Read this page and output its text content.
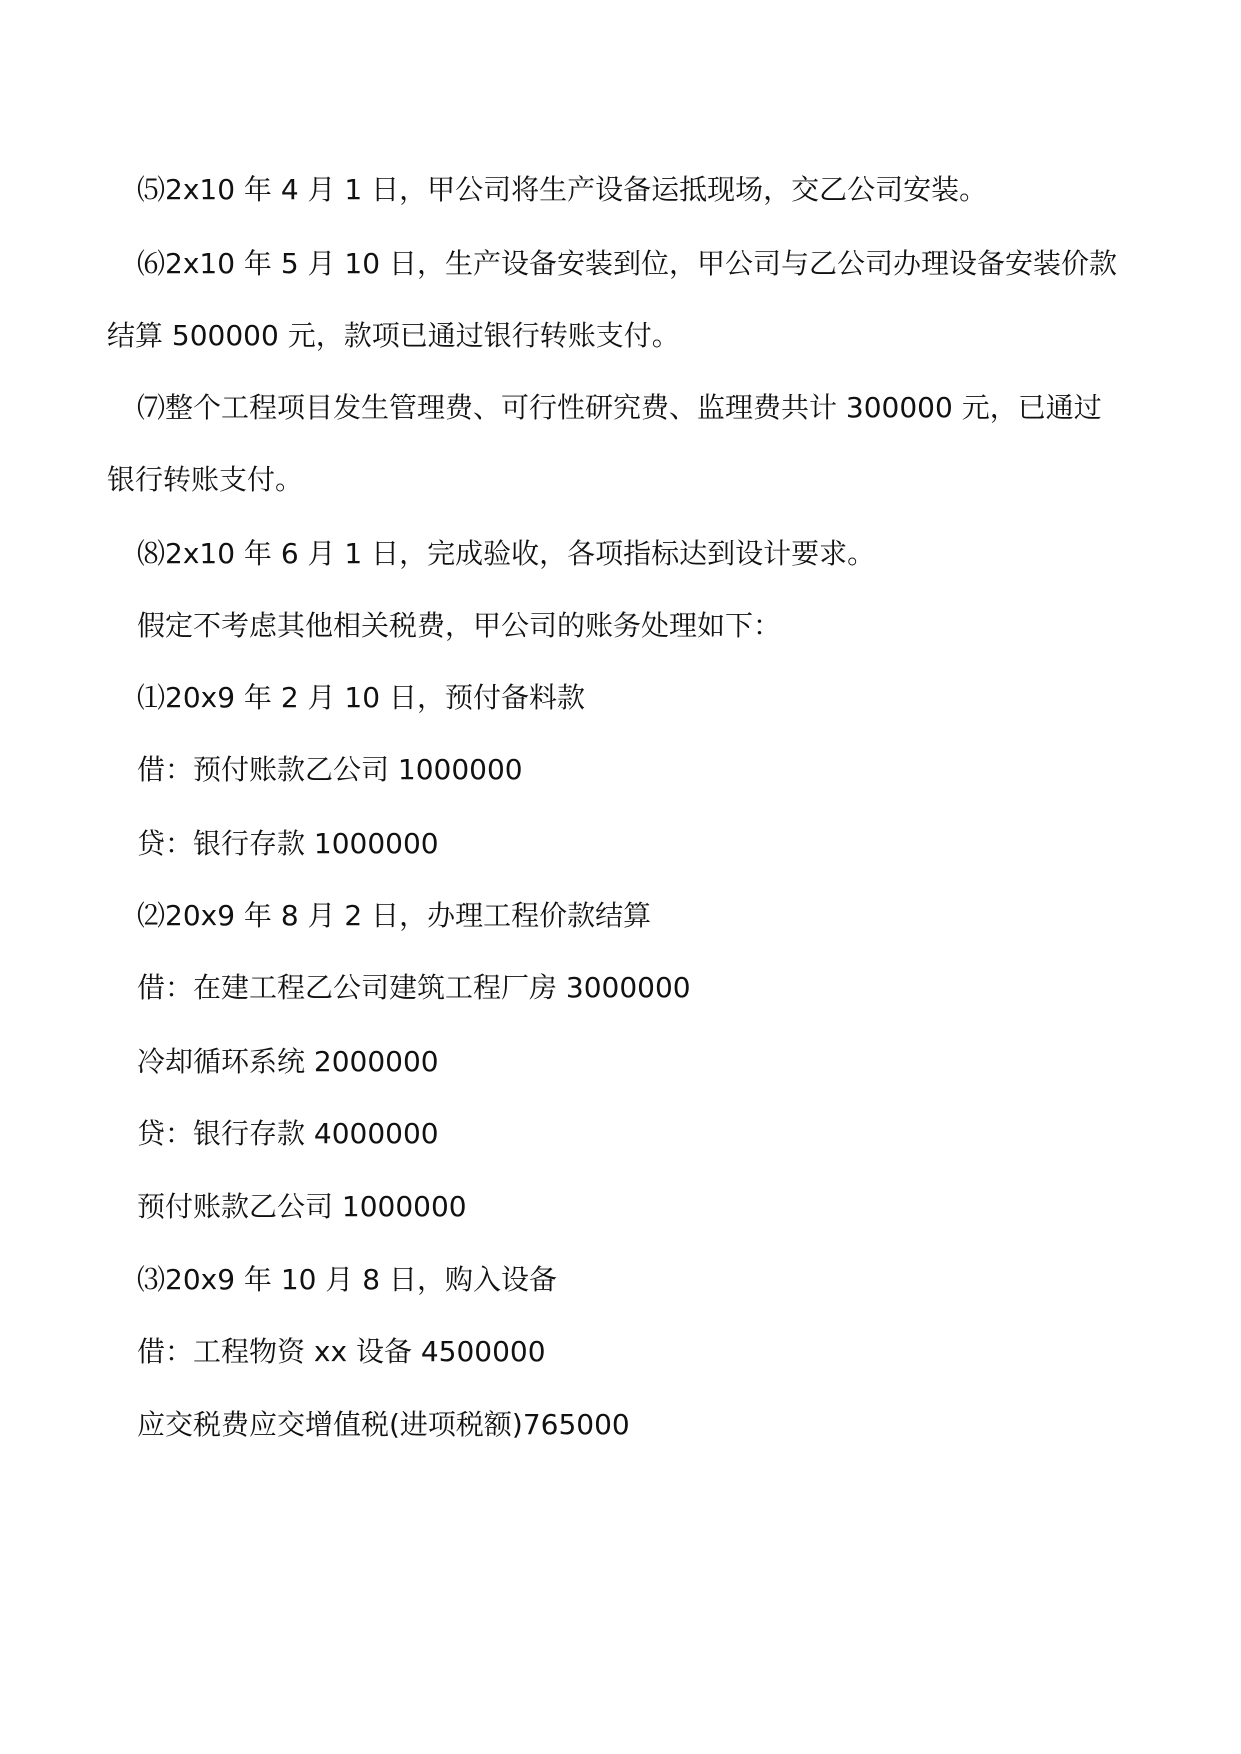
⑸2x10 年 4 月 1 日，甲公司将生产设备运抵现场，交乙公司安装。
⑹2x10 年 5 月 10 日，生产设备安装到位，甲公司与乙公司办理设备安装价款
结算 500000 元，款项已通过银行转账支付。
⑺整个工程项目发生管理费、可行性研究费、监理费共计 300000 元，已通过
银行转账支付。
⑻2x10 年 6 月 1 日，完成验收，各项指标达到设计要求。
假定不考虑其他相关税费，甲公司的账务处理如下：
⑴20x9 年 2 月 10 日，预付备料款
借：预付账款乙公司 1000000
贷：银行存款 1000000
⑵20x9 年 8 月 2 日，办理工程价款结算
借：在建工程乙公司建筑工程厂房 3000000
冷却循环系统 2000000
贷：银行存款 4000000
预付账款乙公司 1000000
⑶20x9 年 10 月 8 日，购入设备
借：工程物资 xx 设备 4500000
应交税费应交增值税(进项税额)765000
